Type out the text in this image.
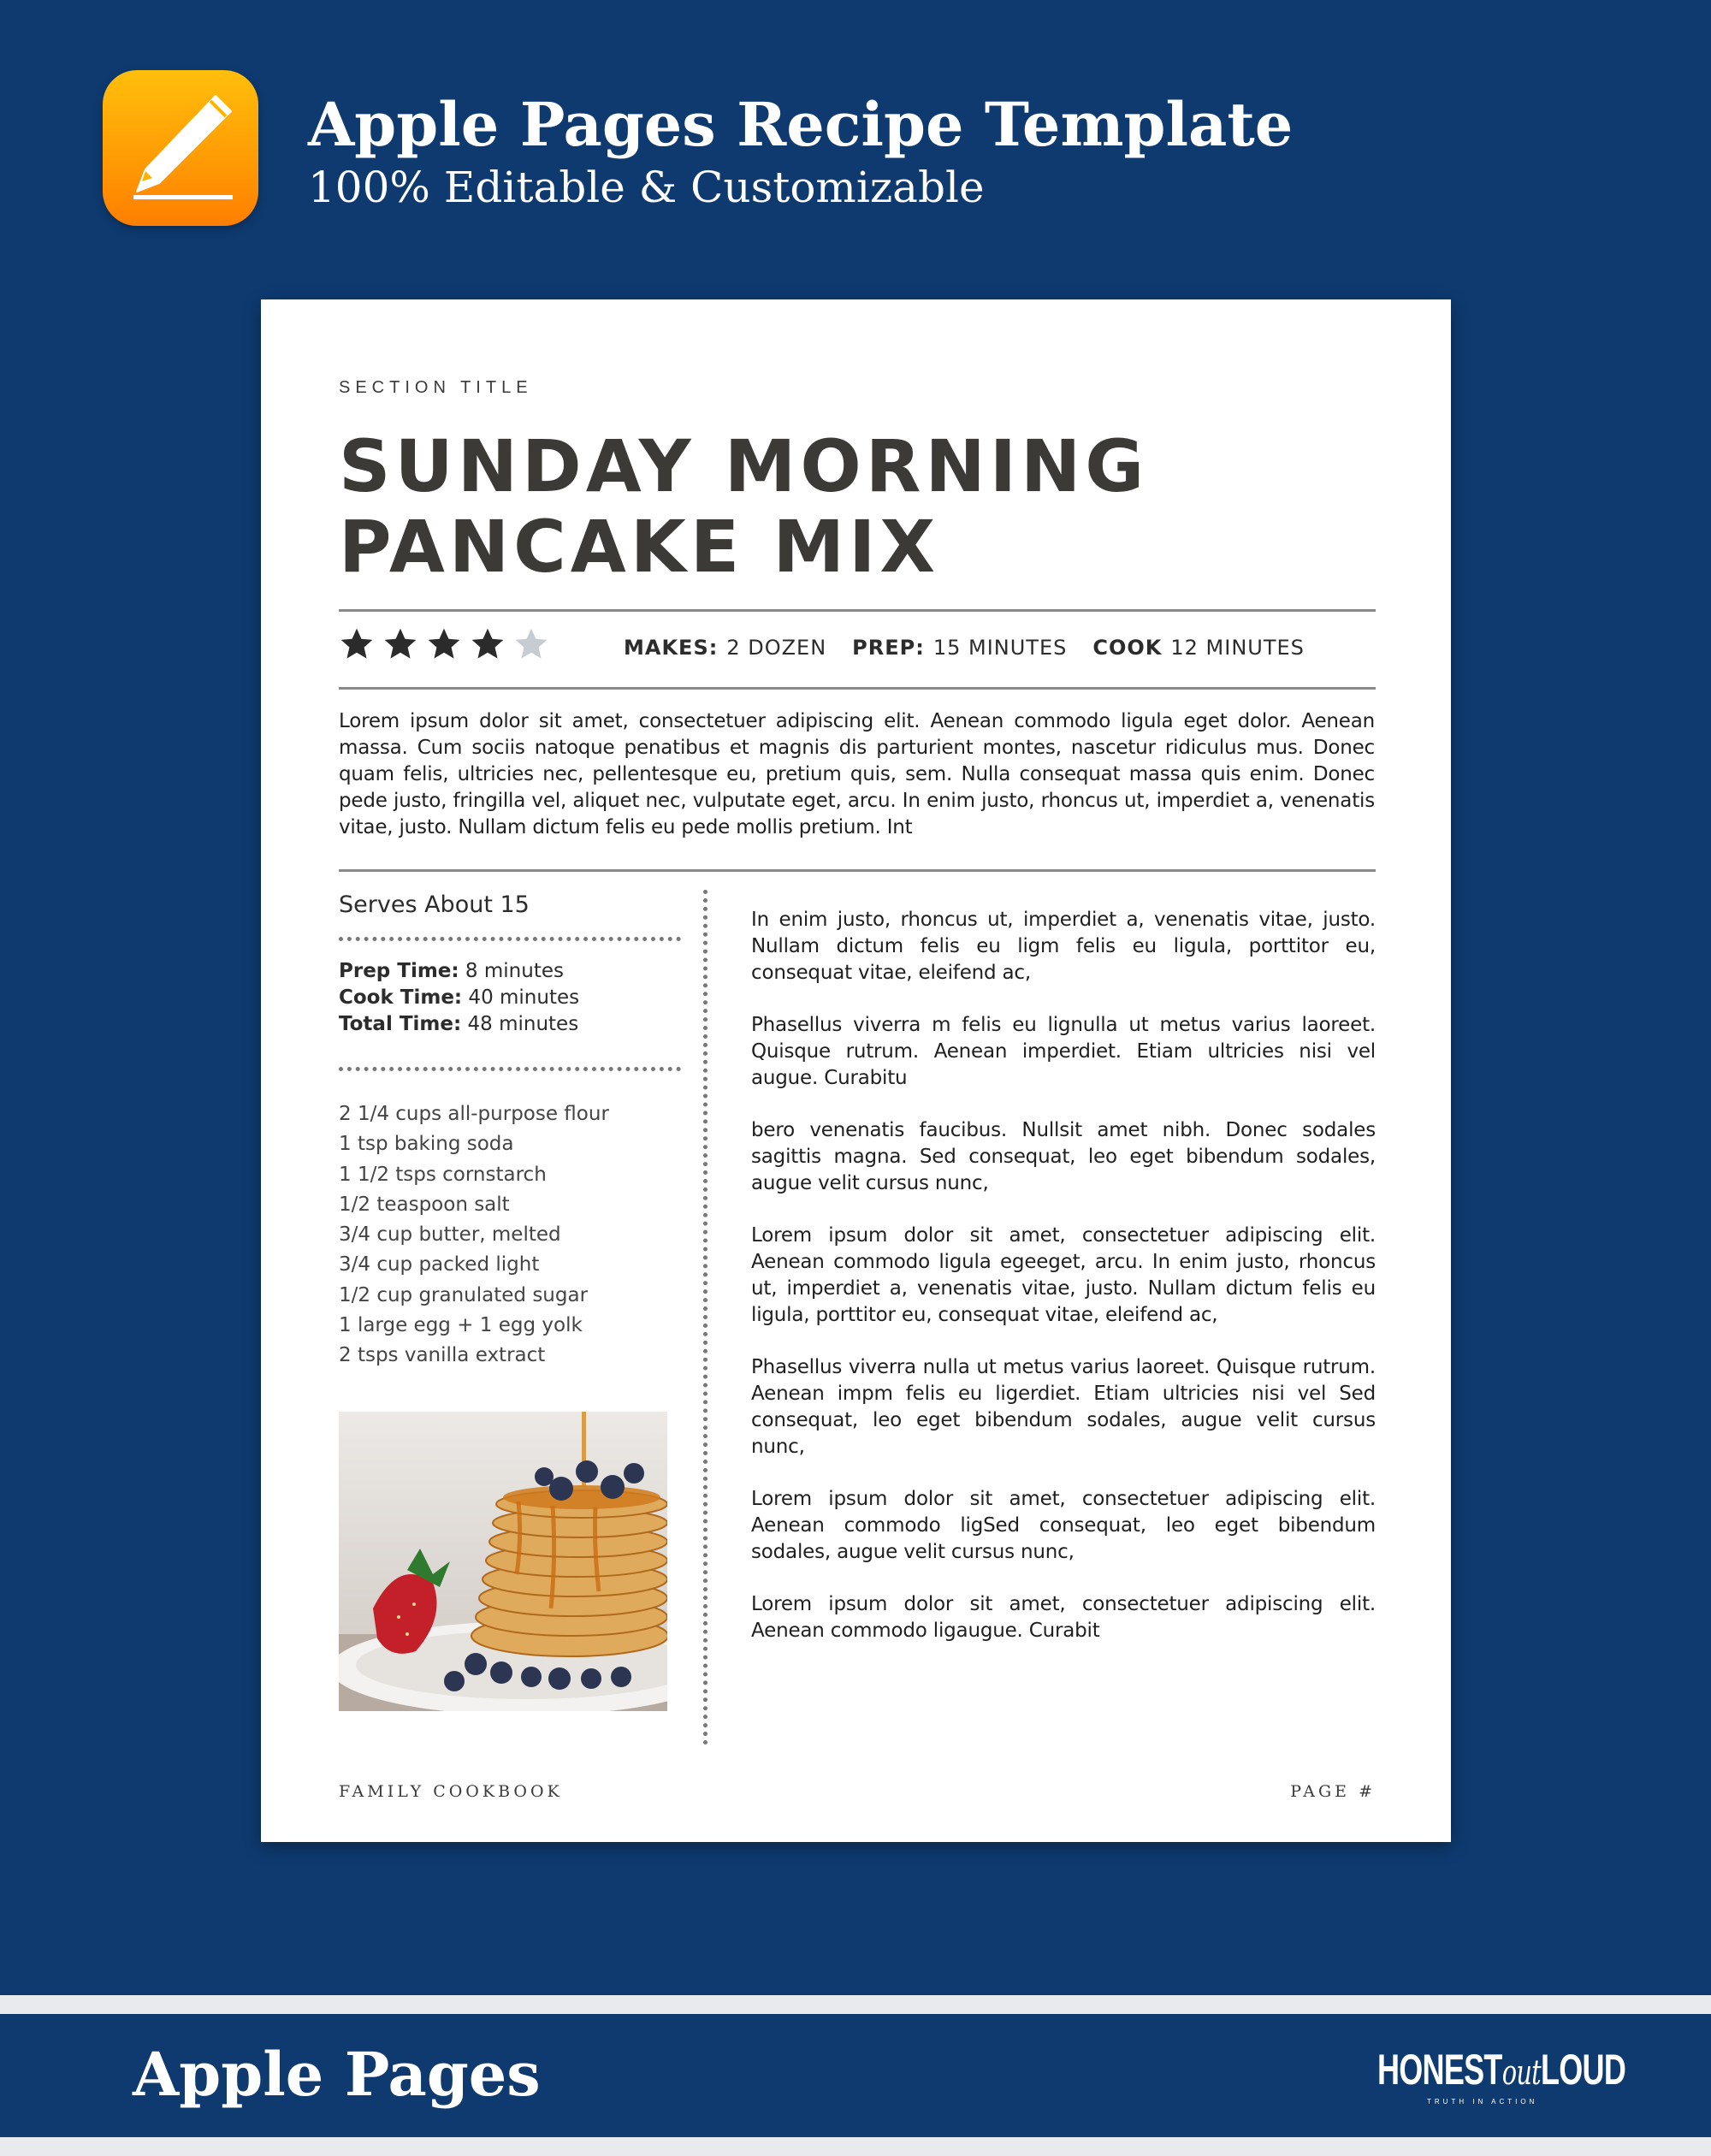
Apple Pages Recipe Template

100% Editable & Customizable

SECTION TITLE

SUNDAY MORNING
PANCAKE MIX
MAKES: 2 DOZEN PREP: 15 MINUTES COOK 12 MINUTES

Lorem ipsum dolor sit amet, consectetuer adipiscing elit. Aenean commodo ligula eget dolor. Aenean massa. Cum sociis natoque penatibus et magnis dis parturient montes, nascetur ridiculus mus. Donec quam felis, ultricies nec, pellentesque eu, pretium quis, sem. Nulla consequat massa quis enim. Donec pede justo, fringilla vel, aliquet nec, vulputate eget, arcu. In enim justo, rhoncus ut, imperdiet a, venenatis vitae, justo. Nullam dictum felis eu pede mollis pretium. Int

Serves About 15

Prep Time: 8 minutes
Cook Time: 40 minutes
Total Time: 48 minutes

2 1/4 cups all-purpose flour
1 tsp baking soda
1 1/2 tsps cornstarch
1/2 teaspoon salt
3/4 cup butter, melted
3/4 cup packed light
1/2 cup granulated sugar
1 large egg + 1 egg yolk
2 tsps vanilla extract

In enim justo, rhoncus ut, imperdiet a, venenatis vitae, justo. Nullam dictum felis eu ligm felis eu ligula, porttitor eu, consequat vitae, eleifend ac,

Phasellus viverra m felis eu lignulla ut metus varius laoreet. Quisque rutrum. Aenean imperdiet. Etiam ultricies nisi vel augue. Curabitu

bero venenatis faucibus. Nullsit amet nibh. Donec sodales sagittis magna. Sed consequat, leo eget bibendum sodales, augue velit cursus nunc,

Lorem ipsum dolor sit amet, consectetuer adipiscing elit. Aenean commodo ligula egeeget, arcu. In enim justo, rhoncus ut, imperdiet a, venenatis vitae, justo. Nullam dictum felis eu ligula, porttitor eu, consequat vitae, eleifend ac,

Phasellus viverra nulla ut metus varius laoreet. Quisque rutrum. Aenean impm felis eu ligerdiet. Etiam ultricies nisi vel Sed consequat, leo eget bibendum sodales, augue velit cursus nunc,

Lorem ipsum dolor sit amet, consectetuer adipiscing elit. Aenean commodo ligSed consequat, leo eget bibendum sodales, augue velit cursus nunc,

Lorem ipsum dolor sit amet, consectetuer adipiscing elit. Aenean commodo ligaugue. Curabit

FAMILY COOKBOOK	PAGE #

Apple Pages	HONESToutLOUD

TRUTH IN ACTION
